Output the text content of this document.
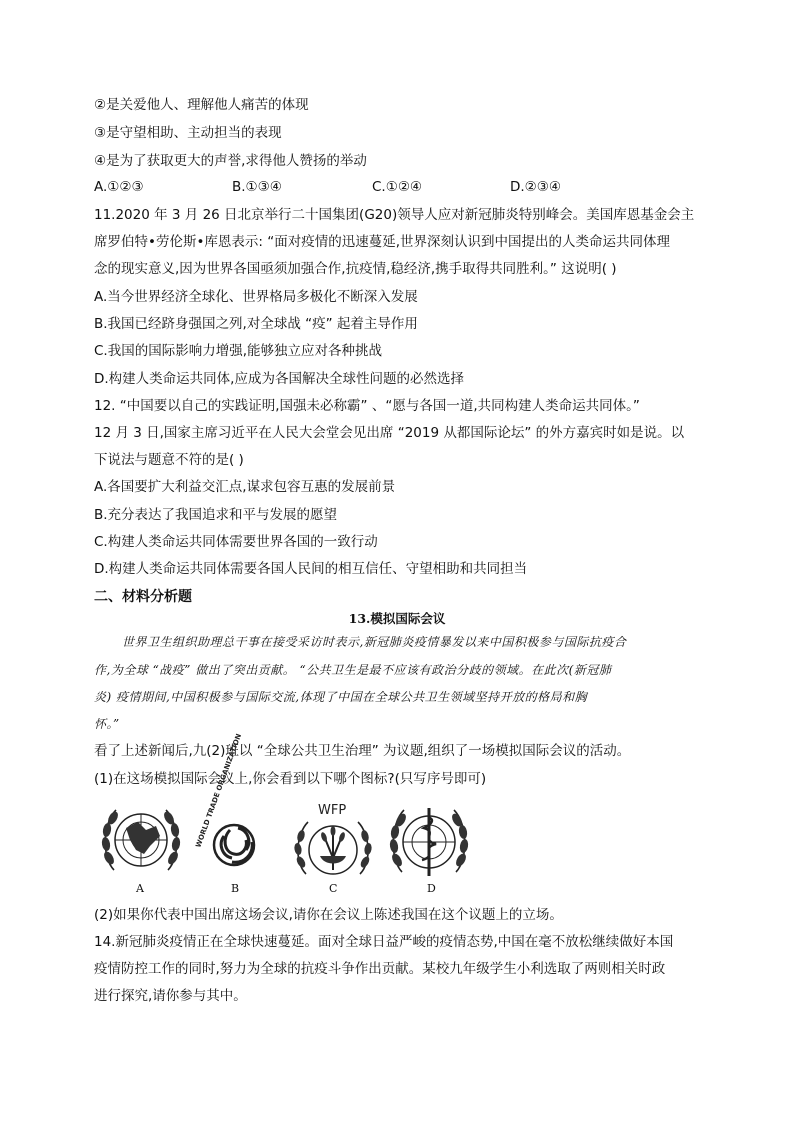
②是关爱他人、理解他人痛苦的体现
③是守望相助、主动担当的表现
④是为了获取更大的声誉,求得他人赞扬的举动
A.①②③	B.①③④	C.①②④	D.②③④
11.2020 年 3 月 26 日北京举行二十国集团(G20)领导人应对新冠肺炎特别峰会。美国库恩基金会主
席罗伯特•劳伦斯•库恩表示: “面对疫情的迅速蔓延,世界深刻认识到中国提出的人类命运共同体理
念的现实意义,因为世界各国亟须加强合作,抗疫情,稳经济,携手取得共同胜利。” 这说明( )
A.当今世界经济全球化、世界格局多极化不断深入发展
B.我国已经跻身强国之列,对全球战 “疫” 起着主导作用
C.我国的国际影响力增强,能够独立应对各种挑战
D.构建人类命运共同体,应成为各国解决全球性问题的必然选择
12. “中国要以自己的实践证明,国强未必称霸” 、“愿与各国一道,共同构建人类命运共同体。”
12 月 3 日,国家主席习近平在人民大会堂会见出席 “2019 从都国际论坛” 的外方嘉宾时如是说。以
下说法与题意不符的是( )
A.各国要扩大利益交汇点,谋求包容互惠的发展前景
B.充分表达了我国追求和平与发展的愿望
C.构建人类命运共同体需要世界各国的一致行动
D.构建人类命运共同体需要各国人民间的相互信任、守望相助和共同担当
二、材料分析题
13.模拟国际会议
世界卫生组织助理总干事在接受采访时表示,新冠肺炎疫情暴发以来中国积极参与国际抗疫合
作,为全球 “战疫” 做出了突出贡献。 “公共卫生是最不应该有政治分歧的领域。在此次(新冠肺
炎) 疫情期间,中国积极参与国际交流,体现了中国在全球公共卫生领域坚持开放的格局和胸
怀。”
看了上述新闻后,九(2)班以 “全球公共卫生治理” 为议题,组织了一场模拟国际会议的活动。
(1)在这场模拟国际会议上,你会看到以下哪个图标?(只写序号即可)
A
WORLD TRADE ORGANIZATION
B
WFP
C	D
(2)如果你代表中国出席这场会议,请你在会议上陈述我国在这个议题上的立场。
14.新冠肺炎疫情正在全球快速蔓延。面对全球日益严峻的疫情态势,中国在毫不放松继续做好本国
疫情防控工作的同时,努力为全球的抗疫斗争作出贡献。某校九年级学生小利选取了两则相关时政
进行探究,请你参与其中。
